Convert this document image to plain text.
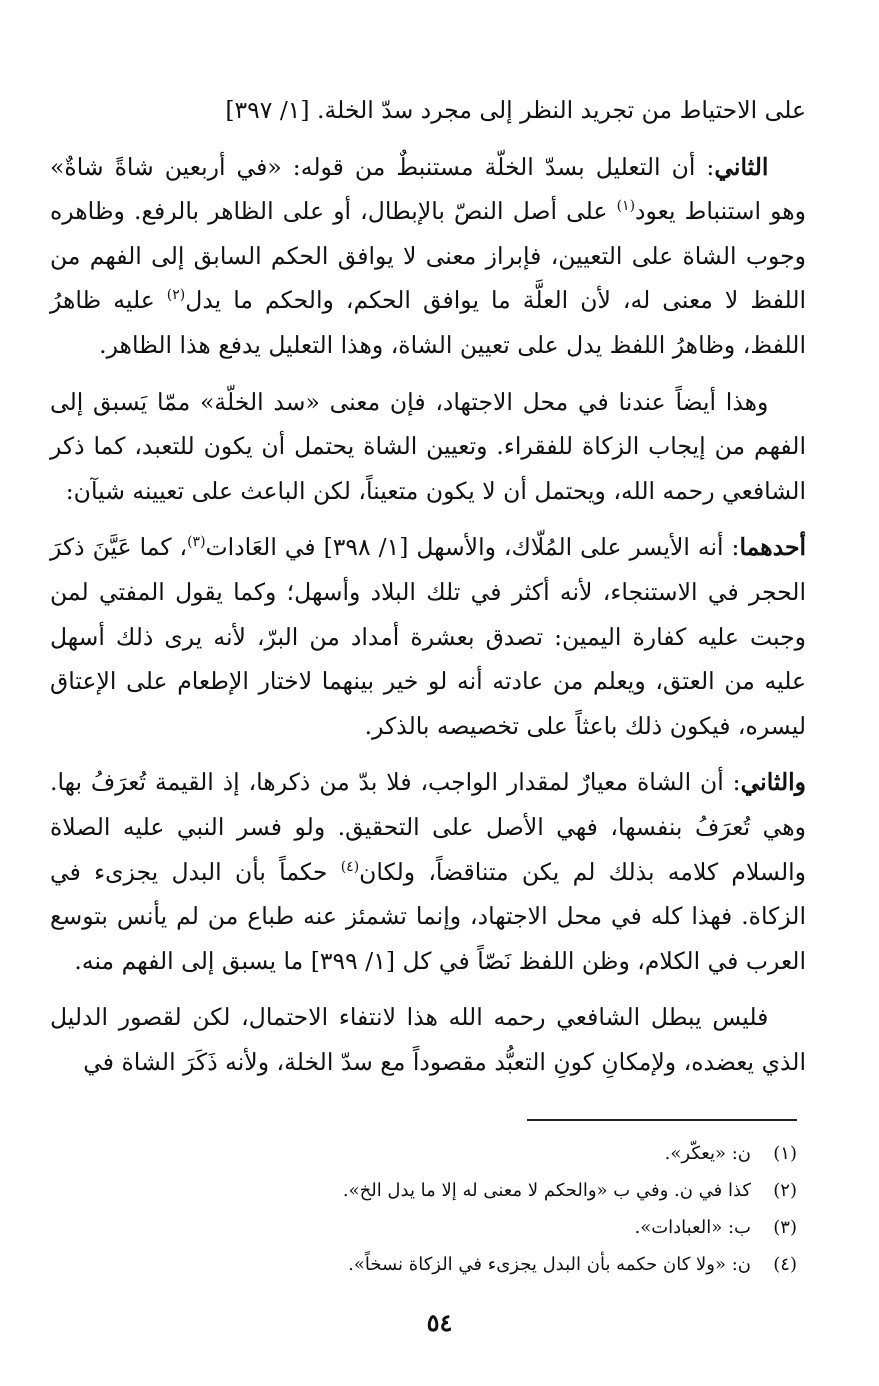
على الاحتياط من تجريد النظر إلى مجرد سدّ الخلة. [١/ ٣٩٧]

الثاني: أن التعليل بسدّ الخلّة مستنبطٌ من قوله: «في أربعين شاةً شاةٌ» وهو استنباط يعود$^{(١)}$ على أصل النصّ بالإبطال، أو على الظاهر بالرفع. وظاهره وجوب الشاة على التعيين، فإبراز معنى لا يوافق الحكم السابق إلى الفهم من اللفظ لا معنى له، لأن العلَّة ما يوافق الحكم، والحكم ما يدل$^{(٢)}$ عليه ظاهرُ اللفظ، وظاهرُ اللفظ يدل على تعيين الشاة، وهذا التعليل يدفع هذا الظاهر.

وهذا أيضاً عندنا في محل الاجتهاد، فإن معنى «سد الخلّة» ممّا يَسبق إلى الفهم من إيجاب الزكاة للفقراء. وتعيين الشاة يحتمل أن يكون للتعبد، كما ذكر الشافعي رحمه الله، ويحتمل أن لا يكون متعيناً، لكن الباعث على تعيينه شيآن:

أحدهما: أنه الأيسر على المُلّاك، والأسهل [١/ ٣٩٨] في العَادات$^{(٣)}$، كما عَيَّنَ ذكرَ الحجر في الاستنجاء، لأنه أكثر في تلك البلاد وأسهل؛ وكما يقول المفتي لمن وجبت عليه كفارة اليمين: تصدق بعشرة أمداد من البرّ، لأنه يرى ذلك أسهل عليه من العتق، ويعلم من عادته أنه لو خير بينهما لاختار الإطعام على الإعتاق ليسره، فيكون ذلك باعثاً على تخصيصه بالذكر.

والثاني: أن الشاة معيارٌ لمقدار الواجب، فلا بدّ من ذكرها، إذ القيمة تُعرَفُ بها. وهي تُعرَفُ بنفسها، فهي الأصل على التحقيق. ولو فسر النبي عليه الصلاة والسلام كلامه بذلك لم يكن متناقضاً، ولكان$^{(٤)}$ حكماً بأن البدل يجزىء في الزكاة. فهذا كله في محل الاجتهاد، وإنما تشمئز عنه طباع من لم يأنس بتوسع العرب في الكلام، وظن اللفظ نَصّاً في كل [١/ ٣٩٩] ما يسبق إلى الفهم منه.

فليس يبطل الشافعي رحمه الله هذا لانتفاء الاحتمال، لكن لقصور الدليل الذي يعضده، ولإمكانِ كونِ التعبُّد مقصوداً مع سدّ الخلة، ولأنه ذَكَرَ الشاة في

(١)
ن: «يعكّر».
(٢)
كذا في ن. وفي ب «والحكم لا معنى له إلا ما يدل الخ».
(٣)
ب: «العبادات».
(٤)
ن: «ولا كان حكمه بأن البدل يجزىء في الزكاة نسخاً».
٥٤
